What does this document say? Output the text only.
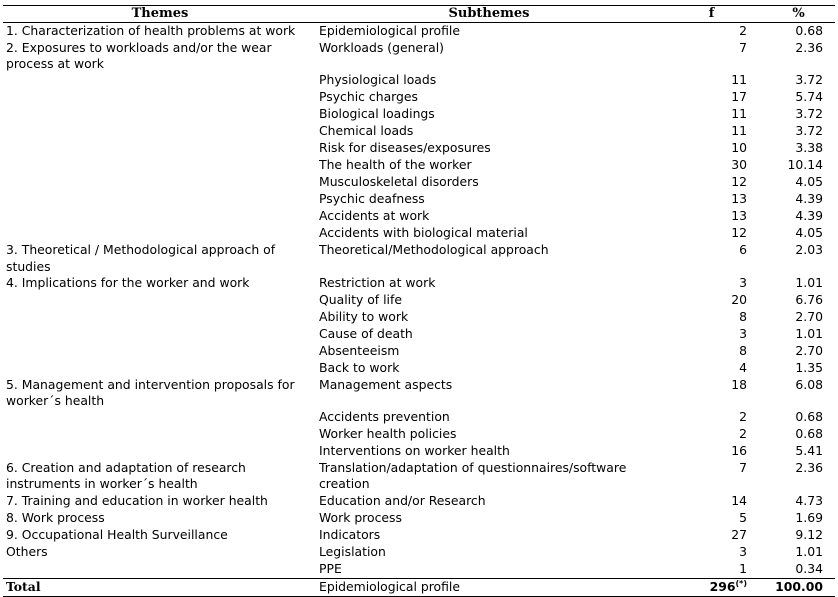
Themes	Subthemes	f	%
1. Characterization of health problems at work	Epidemiological profile	2	0.68
2. Exposures to workloads and/or the wear process at work	Workloads (general)	7	2.36
	Physiological loads	11	3.72
	Psychic charges	17	5.74
	Biological loadings	11	3.72
	Chemical loads	11	3.72
	Risk for diseases/exposures	10	3.38
	The health of the worker	30	10.14
	Musculoskeletal disorders	12	4.05
	Psychic deafness	13	4.39
	Accidents at work	13	4.39
	Accidents with biological material	12	4.05
3. Theoretical / Methodological approach of studies	Theoretical/Methodological approach	6	2.03
4. Implications for the worker and work	Restriction at work	3	1.01
	Quality of life	20	6.76
	Ability to work	8	2.70
	Cause of death	3	1.01
	Absenteeism	8	2.70
	Back to work	4	1.35
5. Management and intervention proposals for worker´s health	Management aspects	18	6.08
	Accidents prevention	2	0.68
	Worker health policies	2	0.68
	Interventions on worker health	16	5.41
6. Creation and adaptation of research instruments in worker´s health	Translation/adaptation of questionnaires/software creation	7	2.36
7. Training and education in worker health	Education and/or Research	14	4.73
8. Work process	Work process	5	1.69
9. Occupational Health Surveillance	Indicators	27	9.12
Others	Legislation	3	1.01
	PPE	1	0.34
Total	Epidemiological profile	296(*)	100.00
